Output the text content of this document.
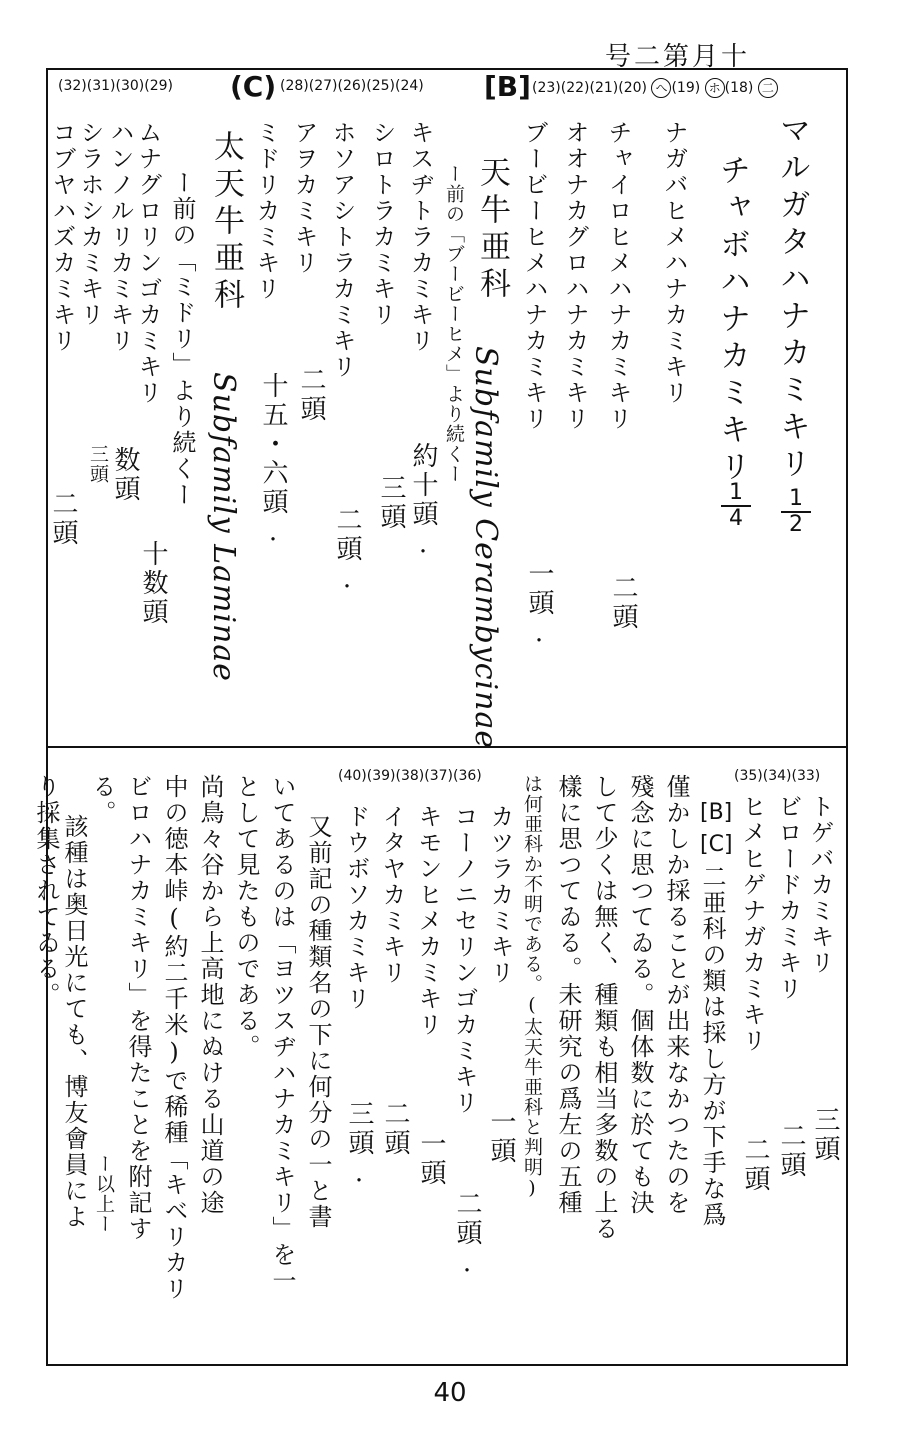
号二第月十
(32)(31)(30)(29) (C) (28)(27)(26)(25)(24) [B] (23)(22)(21)(20) へ (19) ホ (18) 二
マルガタハナカミキリ
1
2
チャボハナカミキリ
1
4
ナガバヒメハナカミキリ
チャイロヒメハナカミキリ
二頭
オオナカグロハナカミキリ
ブービーヒメハナカミキリ
一頭.
天牛亜科
ー前の「ブービーヒメ」より続くー
Subfamily Cerambycinae
キスヂトラカミキリ
約十頭.
シロトラカミキリ
三頭
ホソアシトラカミキリ
二頭.
アヲカミキリ
二頭
ミドリカミキリ
十五・六頭.
太天牛亜科
ー前の「ミドリ」より続くー
Subfamily Laminae
ムナグロリンゴカミキリ
十数頭
ハンノルリカミキリ
数頭
シラホシカミキリ
三頭
コブヤハズカミキリ
二頭
(35)(34)(33)
(40)(39)(38)(37)(36)
トゲバカミキリ
三頭
ビロードカミキリ
二頭
ヒメヒゲナガカミキリ
二頭
[B]
[C]
二亜科の類は採し方が下手な爲
僅かしか採ることが出来なかつたのを
殘念に思つてゐる。個体数に於ても決
して少くは無く、種類も相当多数の上る
樣に思つてゐる。未研究の爲左の五種
は何亜科か不明である。(太天牛亜科と判明)
カツラカミキリ
一頭
コーノニセリンゴカミキリ
二頭.
キモンヒメカミキリ
一頭
イタヤカミキリ
二頭
ドウボソカミキリ
三頭.
又前記の種類名の下に何分の一と書
いてあるのは「ヨツスヂハナカミキリ」を一
として見たものである。
尚鳥々谷から上高地にぬける山道の途
中の徳本峠(約二千米)で稀種「キベリカリ
ビロハナカミキリ」を得たことを附記す
る。
ー以上ー
該種は奥日光にても、博友會員によ
り採集されてゐる。
40
